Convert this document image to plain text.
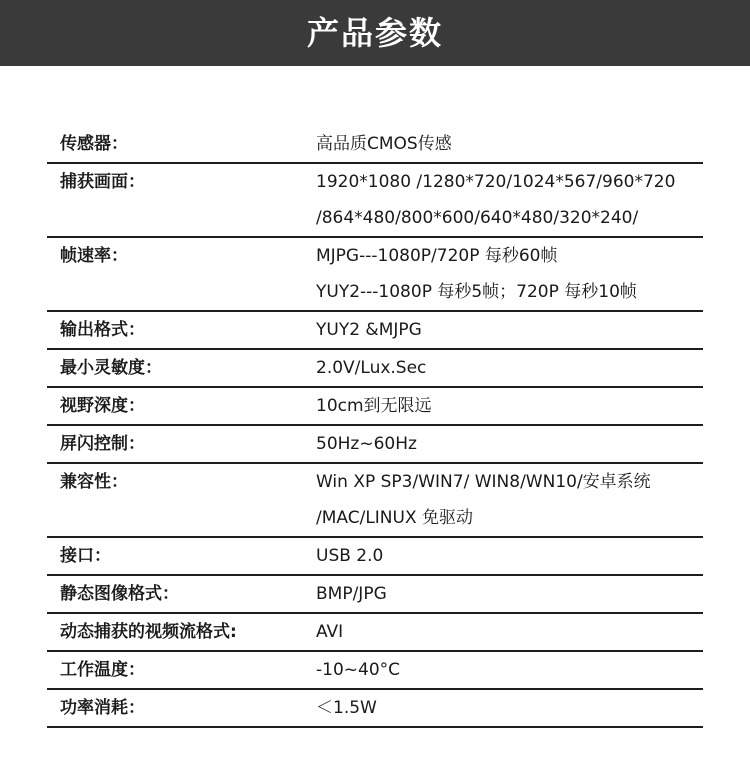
产品参数
传感器：	高品质CMOS传感
捕获画面：	1920*1080 /1280*720/1024*567/960*720
/864*480/800*600/640*480/320*240/
帧速率：	MJPG---1080P/720P 每秒60帧
YUY2---1080P 每秒5帧；720P 每秒10帧
输出格式：	YUY2 &MJPG
最小灵敏度：	2.0V/Lux.Sec
视野深度：	10cm到无限远
屏闪控制：	50Hz~60Hz
兼容性：	Win XP SP3/WIN7/ WIN8/WN10/安卓系统
/MAC/LINUX 免驱动
接口：	USB 2.0
静态图像格式：	BMP/JPG
动态捕获的视频流格式:	AVI
工作温度：	-10~40°C
功率消耗：	＜1.5W
